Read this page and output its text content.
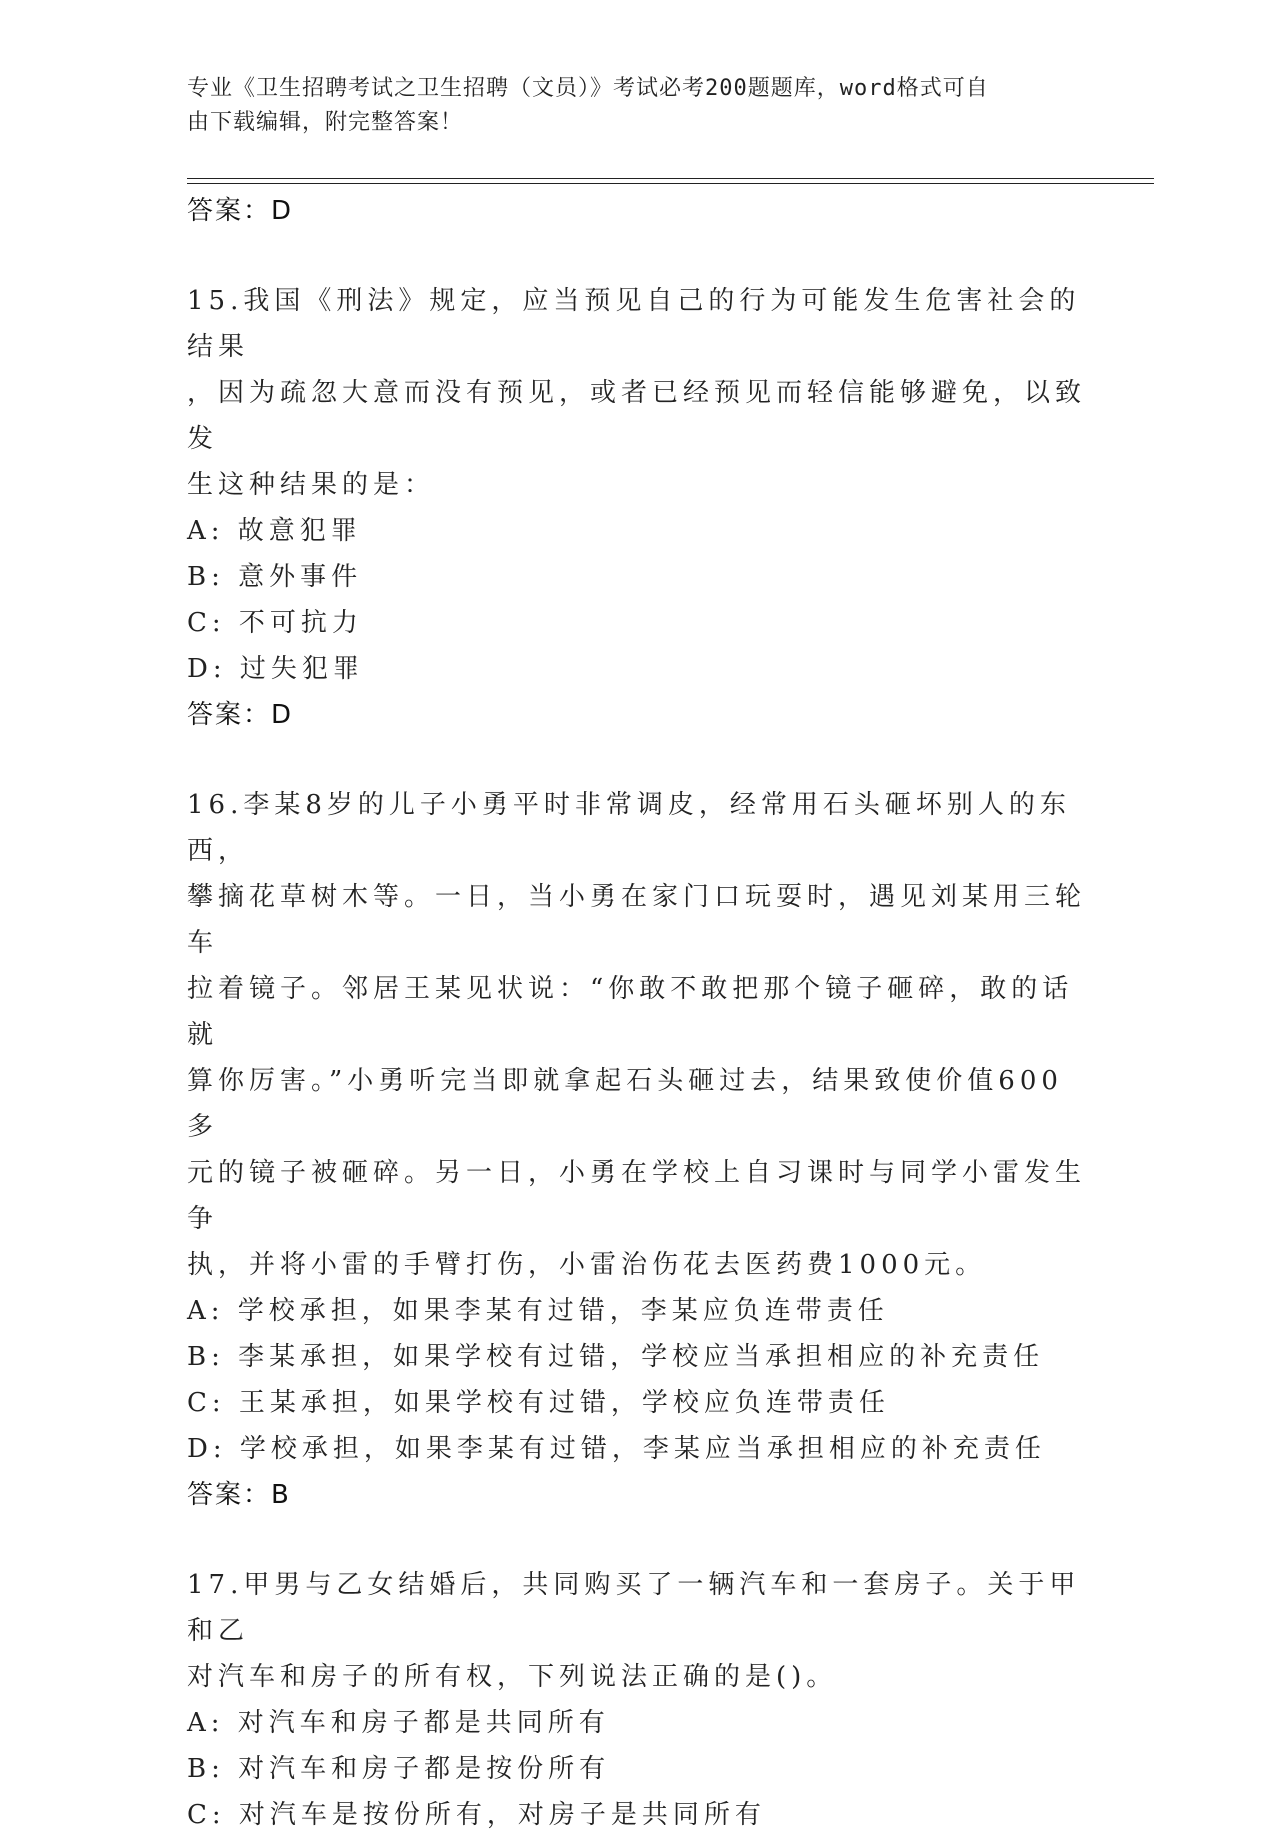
专业《卫生招聘考试之卫生招聘（文员）》考试必考200题题库，word格式可自
由下载编辑，附完整答案！

答案：D

15.我国《刑法》规定，应当预见自己的行为可能发生危害社会的结果

，因为疏忽大意而没有预见，或者已经预见而轻信能够避免，以致发

生这种结果的是：

A: 故意犯罪

B: 意外事件

C: 不可抗力

D: 过失犯罪

答案：D

16.李某8岁的儿子小勇平时非常调皮，经常用石头砸坏别人的东西，

攀摘花草树木等。一日，当小勇在家门口玩耍时，遇见刘某用三轮车

拉着镜子。邻居王某见状说：“你敢不敢把那个镜子砸碎，敢的话就

算你厉害。”小勇听完当即就拿起石头砸过去，结果致使价值600多

元的镜子被砸碎。另一日，小勇在学校上自习课时与同学小雷发生争

执，并将小雷的手臂打伤，小雷治伤花去医药费1000元。

A: 学校承担，如果李某有过错，李某应负连带责任

B: 李某承担，如果学校有过错，学校应当承担相应的补充责任

C: 王某承担，如果学校有过错，学校应负连带责任

D: 学校承担，如果李某有过错，李某应当承担相应的补充责任

答案：B

17.甲男与乙女结婚后，共同购买了一辆汽车和一套房子。关于甲和乙

对汽车和房子的所有权，下列说法正确的是()。

A: 对汽车和房子都是共同所有

B: 对汽车和房子都是按份所有

C: 对汽车是按份所有，对房子是共同所有
